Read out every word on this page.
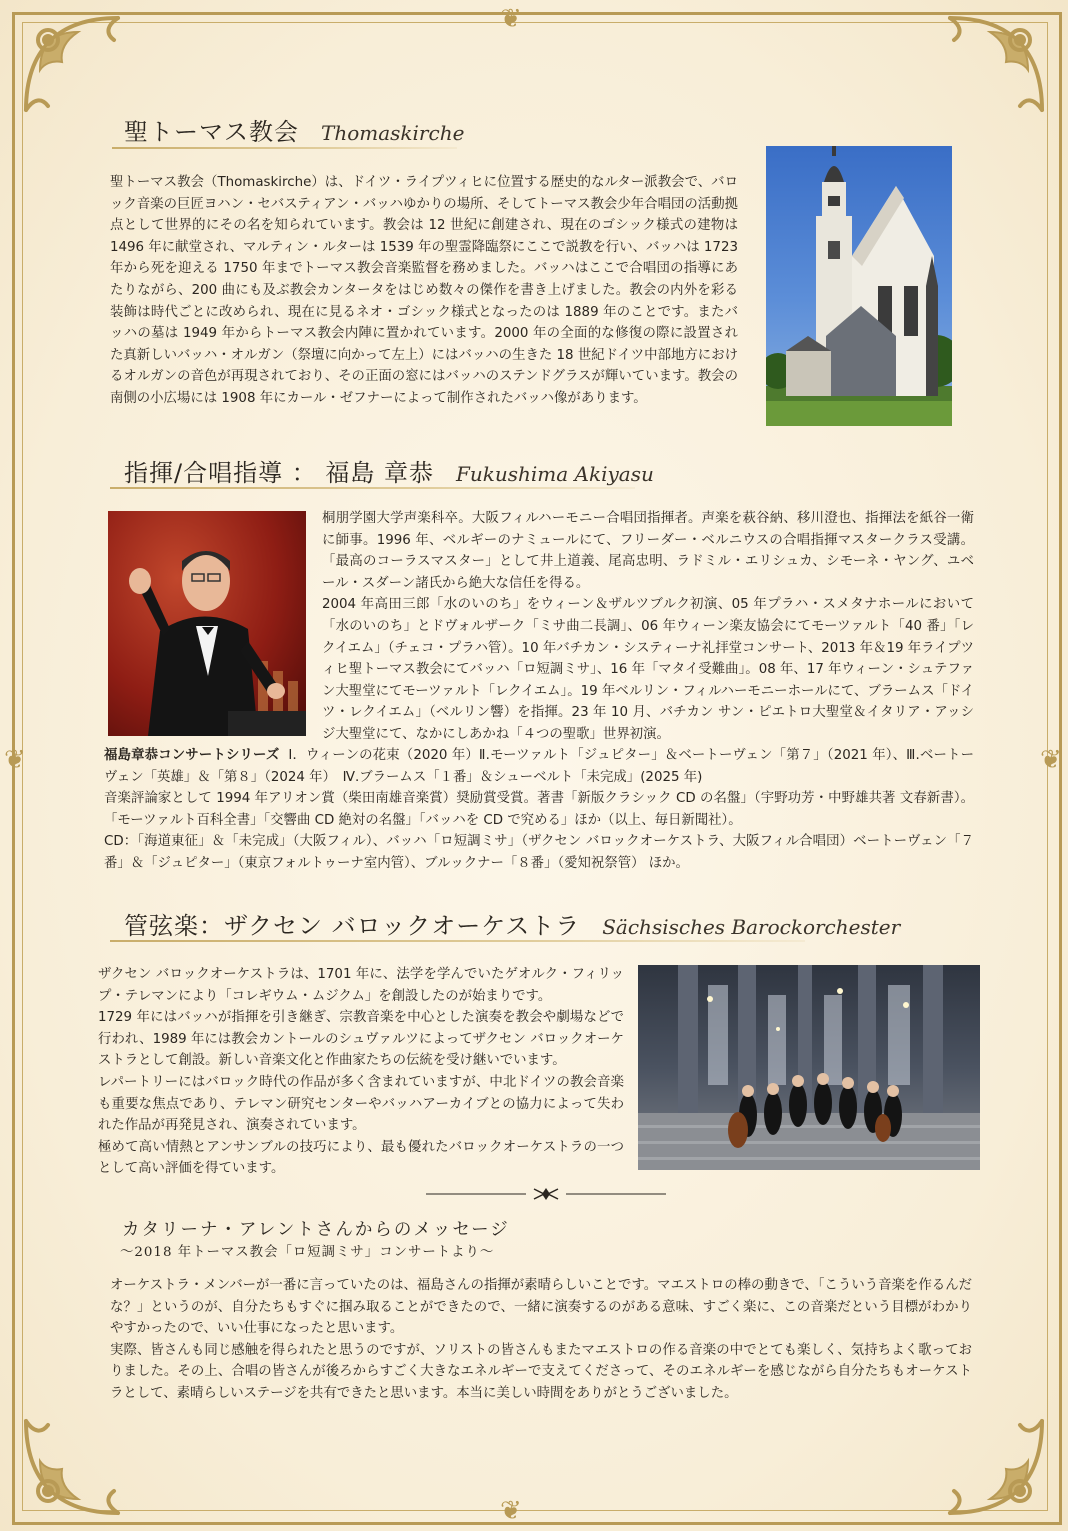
❦
❦
❦	❦
聖トーマス教会 Thomaskirche

聖トーマス教会（Thomaskirche）は、ドイツ・ライプツィヒに位置する歴史的なルター派教会で、バロック音楽の巨匠ヨハン・セバスティアン・バッハゆかりの場所、そしてトーマス教会少年合唱団の活動拠点として世界的にその名を知られています。教会は 12 世紀に創建され、現在のゴシック様式の建物は 1496 年に献堂され、マルティン・ルターは 1539 年の聖霊降臨祭にここで説教を行い、バッハは 1723 年から死を迎える 1750 年までトーマス教会音楽監督を務めました。バッハはここで合唱団の指導にあたりながら、200 曲にも及ぶ教会カンタータをはじめ数々の傑作を書き上げました。教会の内外を彩る装飾は時代ごとに改められ、現在に見るネオ・ゴシック様式となったのは 1889 年のことです。またバッハの墓は 1949 年からトーマス教会内陣に置かれています。2000 年の全面的な修復の際に設置された真新しいバッハ・オルガン（祭壇に向かって左上）にはバッハの生きた 18 世紀ドイツ中部地方におけるオルガンの音色が再現されており、その正面の窓にはバッハのステンドグラスが輝いています。教会の南側の小広場には 1908 年にカール・ゼフナーによって制作されたバッハ像があります。

指揮/合唱指導 ： 福島 章恭 Fukushima Akiyasu

桐朋学園大学声楽科卒。大阪フィルハーモニー合唱団指揮者。声楽を萩谷納、移川澄也、指揮法を紙谷一衛に師事。1996 年、ベルギーのナミュールにて、フリーダー・ベルニウスの合唱指揮マスタークラス受講。「最高のコーラスマスター」として井上道義、尾高忠明、ラドミル・エリシュカ、シモーネ・ヤング、ユベール・スダーン諸氏から絶大な信任を得る。

2004 年高田三郎「水のいのち」をウィーン＆ザルツブルク初演、05 年プラハ・スメタナホールにおいて「水のいのち」とドヴォルザーク「ミサ曲二長調」、06 年ウィーン楽友協会にてモーツァルト「40 番」「レクイエム」（チェコ・プラハ管）。10 年バチカン・システィーナ礼拝堂コンサート、2013 年＆19 年ライプツィヒ聖トーマス教会にてバッハ「ロ短調ミサ」、16 年「マタイ受難曲」。08 年、17 年ウィーン・シュテファン大聖堂にてモーツァルト「レクイエム」。19 年ベルリン・フィルハーモニーホールにて、ブラームス「ドイツ・レクイエム」（ベルリン響）を指揮。23 年 10 月、バチカン サン・ピエトロ大聖堂＆イタリア・アッシジ大聖堂にて、なかにしあかね「４つの聖歌」世界初演。

福島章恭コンサートシリーズ Ⅰ．ウィーンの花束（2020 年）Ⅱ.モーツァルト「ジュピター」＆ベートーヴェン「第７」（2021 年）、Ⅲ.ベートーヴェン「英雄」＆「第８」（2024 年）　Ⅳ.ブラームス「１番」＆シューベルト「未完成」(2025 年)

音楽評論家として 1994 年アリオン賞（柴田南雄音楽賞）奨励賞受賞。著書「新版クラシック CD の名盤」（宇野功芳・中野雄共著 文春新書）。「モーツァルト百科全書」「交響曲 CD 絶対の名盤」「バッハを CD で究める」ほか（以上、毎日新聞社）。

CD：「海道東征」＆「未完成」（大阪フィル）、バッハ「ロ短調ミサ」（ザクセン バロックオーケストラ、大阪フィル合唱団）ベートーヴェン「７番」＆「ジュピター」（東京フォルトゥーナ室内管）、ブルックナー「８番」（愛知祝祭管） ほか。

管弦楽：ザクセン バロックオーケストラ Sächsisches Barockorchester

ザクセン バロックオーケストラは、1701 年に、法学を学んでいたゲオルク・フィリップ・テレマンにより「コレギウム・ムジクム」を創設したのが始まりです。

1729 年にはバッハが指揮を引き継ぎ、宗教音楽を中心とした演奏を教会や劇場などで行われ、1989 年には教会カントールのシュヴァルツによってザクセン バロックオーケストラとして創設。新しい音楽文化と作曲家たちの伝統を受け継いでいます。

レパートリーにはバロック時代の作品が多く含まれていますが、中北ドイツの教会音楽も重要な焦点であり、テレマン研究センターやバッハアーカイブとの協力によって失われた作品が再発見され、演奏されています。

極めて高い情熱とアンサンブルの技巧により、最も優れたバロックオーケストラの一つとして高い評価を得ています。

カタリーナ・アレントさんからのメッセージ
～2018 年トーマス教会「ロ短調ミサ」コンサートより～

オーケストラ・メンバーが一番に言っていたのは、福島さんの指揮が素晴らしいことです。マエストロの棒の動きで、「こういう音楽を作るんだな？」というのが、自分たちもすぐに掴み取ることができたので、一緒に演奏するのがある意味、すごく楽に、この音楽だという目標がわかりやすかったので、いい仕事になったと思います。

実際、皆さんも同じ感触を得られたと思うのですが、ソリストの皆さんもまたマエストロの作る音楽の中でとても楽しく、気持ちよく歌っておりました。その上、合唱の皆さんが後ろからすごく大きなエネルギーで支えてくださって、そのエネルギーを感じながら自分たちもオーケストラとして、素晴らしいステージを共有できたと思います。本当に美しい時間をありがとうございました。
